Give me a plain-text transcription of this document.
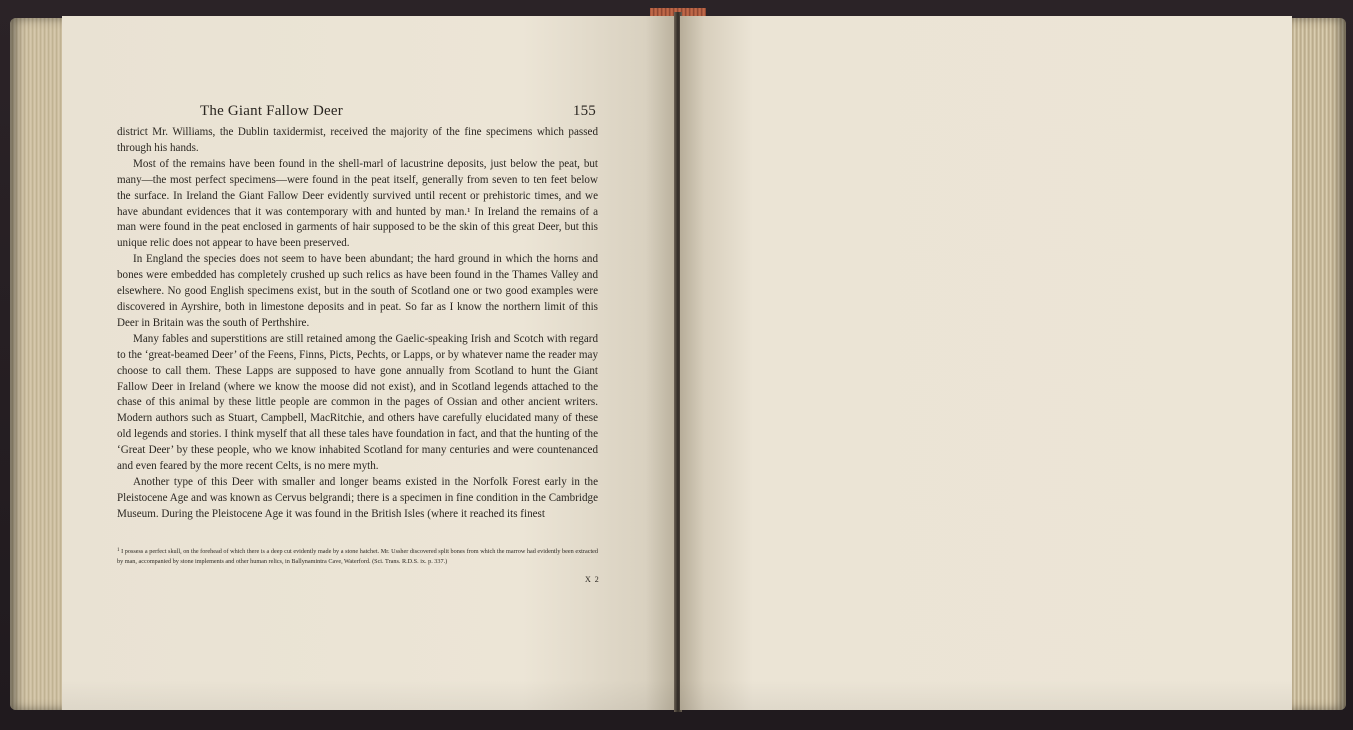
The Giant Fallow Deer	155

district Mr. Williams, the Dublin taxidermist, received the majority of the fine specimens which passed through his hands.

Most of the remains have been found in the shell-marl of lacustrine deposits, just below the peat, but many—the most perfect specimens—were found in the peat itself, generally from seven to ten feet below the surface. In Ireland the Giant Fallow Deer evidently survived until recent or prehistoric times, and we have abundant evidences that it was contemporary with and hunted by man.¹ In Ireland the remains of a man were found in the peat enclosed in garments of hair supposed to be the skin of this great Deer, but this unique relic does not appear to have been preserved.

In England the species does not seem to have been abundant; the hard ground in which the horns and bones were embedded has completely crushed up such relics as have been found in the Thames Valley and elsewhere. No good English specimens exist, but in the south of Scotland one or two good examples were discovered in Ayrshire, both in limestone deposits and in peat. So far as I know the northern limit of this Deer in Britain was the south of Perthshire.

Many fables and superstitions are still retained among the Gaelic-speaking Irish and Scotch with regard to the ‘great-beamed Deer’ of the Feens, Finns, Picts, Pechts, or Lapps, or by whatever name the reader may choose to call them. These Lapps are supposed to have gone annually from Scotland to hunt the Giant Fallow Deer in Ireland (where we know the moose did not exist), and in Scotland legends attached to the chase of this animal by these little people are common in the pages of Ossian and other ancient writers. Modern authors such as Stuart, Campbell, MacRitchie, and others have carefully elucidated many of these old legends and stories. I think myself that all these tales have foundation in fact, and that the hunting of the ‘Great Deer’ by these people, who we know inhabited Scotland for many centuries and were countenanced and even feared by the more recent Celts, is no mere myth.

Another type of this Deer with smaller and longer beams existed in the Norfolk Forest early in the Pleistocene Age and was known as Cervus belgrandi; there is a specimen in fine condition in the Cambridge Museum. During the Pleistocene Age it was found in the British Isles (where it reached its finest

$^1$ I possess a perfect skull, on the forehead of which there is a deep cut evidently made by a stone hatchet. Mr. Ussher discovered split bones from which the marrow had evidently been extracted by man, accompanied by stone implements and other human relics, in Ballynamintra Cave, Waterford. (Sci. Trans. R.D.S. ix. p. 337.)
X 2
